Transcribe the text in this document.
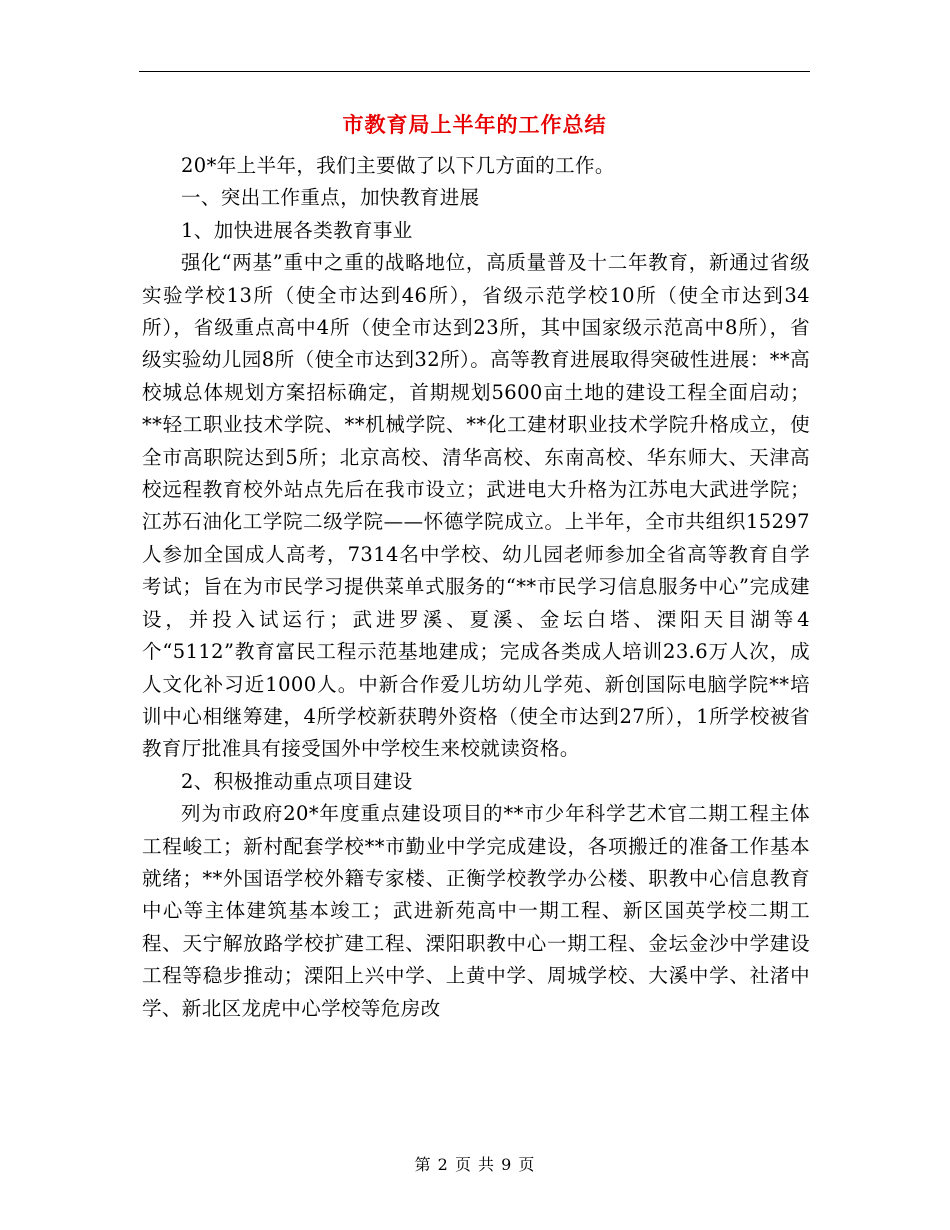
市教育局上半年的工作总结

20*年上半年，我们主要做了以下几方面的工作。

一、突出工作重点，加快教育进展

1、加快进展各类教育事业

强化“两基”重中之重的战略地位，高质量普及十二年教育，新通过省级实验学校13所（使全市达到46所），省级示范学校10所（使全市达到34所），省级重点高中4所（使全市达到23所，其中国家级示范高中8所），省级实验幼儿园8所（使全市达到32所）。高等教育进展取得突破性进展：**高校城总体规划方案招标确定，首期规划5600亩土地的建设工程全面启动；**轻工职业技术学院、**机械学院、**化工建材职业技术学院升格成立，使全市高职院达到5所；北京高校、清华高校、东南高校、华东师大、天津高校远程教育校外站点先后在我市设立；武进电大升格为江苏电大武进学院；江苏石油化工学院二级学院——怀德学院成立。上半年，全市共组织15297人参加全国成人高考，7314名中学校、幼儿园老师参加全省高等教育自学考试；旨在为市民学习提供菜单式服务的“**市民学习信息服务中心”完成建设，并投入试运行；武进罗溪、夏溪、金坛白塔、溧阳天目湖等4个“5112”教育富民工程示范基地建成；完成各类成人培训23.6万人次，成人文化补习近1000人。中新合作爱儿坊幼儿学苑、新创国际电脑学院**培训中心相继筹建，4所学校新获聘外资格（使全市达到27所），1所学校被省教育厅批准具有接受国外中学校生来校就读资格。

2、积极推动重点项目建设

列为市政府20*年度重点建设项目的**市少年科学艺术官二期工程主体工程峻工；新村配套学校**市勤业中学完成建设，各项搬迁的准备工作基本就绪；**外国语学校外籍专家楼、正衡学校教学办公楼、职教中心信息教育中心等主体建筑基本竣工；武进新苑高中一期工程、新区国英学校二期工程、天宁解放路学校扩建工程、溧阳职教中心一期工程、金坛金沙中学建设工程等稳步推动；溧阳上兴中学、上黄中学、周城学校、大溪中学、社渚中学、新北区龙虎中心学校等危房改

第 2 页 共 9 页
